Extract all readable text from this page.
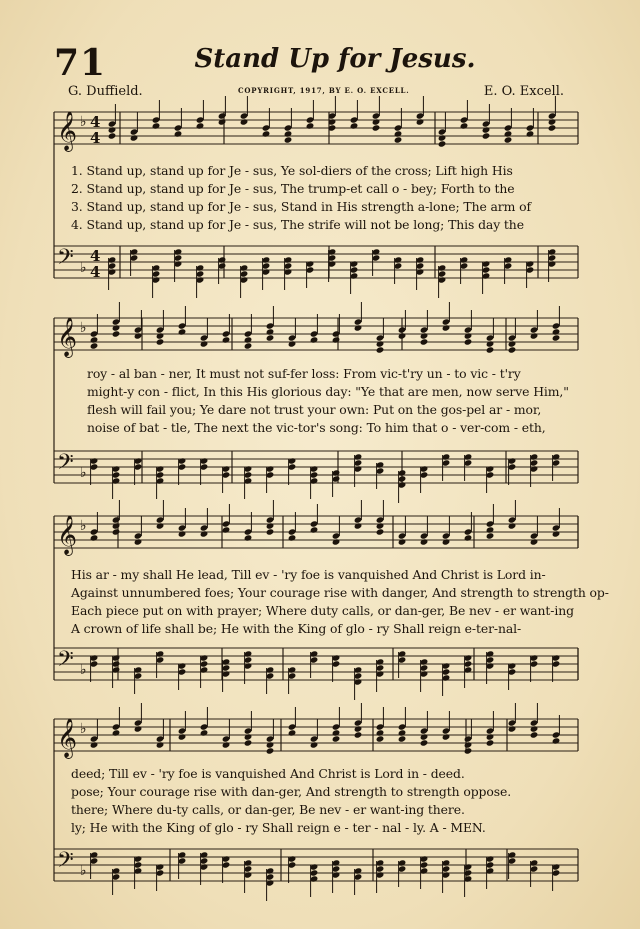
71	Stand Up for Jesus.
G. Duffield.	COPYRIGHT, 1917, BY E. O. EXCELL.	E. O. Excell.
𝄞 ♭ 4
4
𝄢 ♭
4
4
𝄞 ♭
𝄢 ♭
𝄞 ♭
𝄢 ♭
𝄞 ♭
𝄢 ♭
1. Stand up, stand up for Je - sus, Ye sol-diers of the cross; Lift high His
2. Stand up, stand up for Je - sus, The trump-et call o - bey; Forth to the
3. Stand up, stand up for Je - sus, Stand in His strength a-lone; The arm of
4. Stand up, stand up for Je - sus, The strife will not be long; This day the
roy - al ban - ner, It must not suf-fer loss: From vic-t'ry un - to vic - t'ry
might-y con - flict, In this His glorious day: "Ye that are men, now serve Him,"
flesh will fail you; Ye dare not trust your own: Put on the gos-pel ar - mor,
noise of bat - tle, The next the vic-tor's song: To him that o - ver-com - eth,
His ar - my shall He lead, Till ev - 'ry foe is vanquished And Christ is Lord in-
Against unnumbered foes; Your courage rise with danger, And strength to strength op-
Each piece put on with prayer; Where duty calls, or dan-ger, Be nev - er want-ing
A crown of life shall be; He with the King of glo - ry Shall reign e-ter-nal-
deed; Till ev - 'ry foe is vanquished And Christ is Lord in - deed.
pose; Your courage rise with dan-ger, And strength to strength oppose.
there; Where du-ty calls, or dan-ger, Be nev - er want-ing there.
ly; He with the King of glo - ry Shall reign e - ter - nal - ly. A - MEN.
